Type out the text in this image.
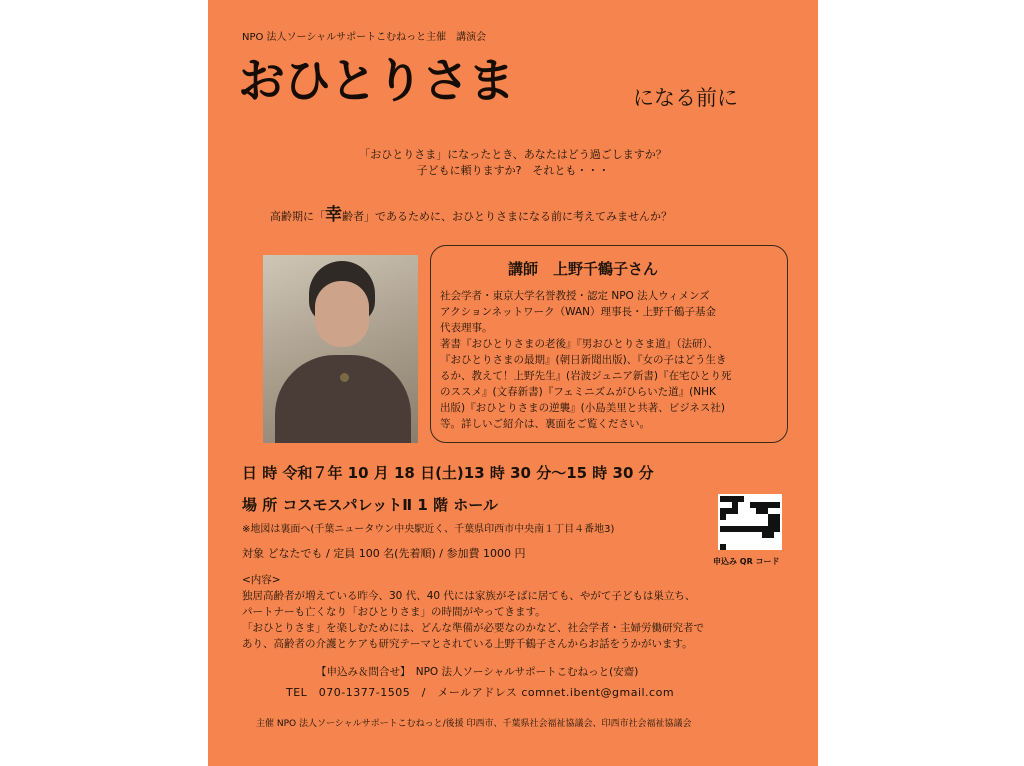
NPO 法人ソーシャルサポートこむねっと主催　講演会
おひとりさま	になる前に
「おひとりさま」になったとき、あなたはどう過ごしますか？
子どもに頼りますか?　それとも・・・
高齢期に「幸齢者」であるために、おひとりさまになる前に考えてみませんか？
講師　上野千鶴子さん
社会学者・東京大学名誉教授・認定 NPO 法人ウィメンズ
アクションネットワーク（WAN）理事長・上野千鶴子基金
代表理事。
著書『おひとりさまの老後』『男おひとりさま道』（法研）、
『おひとりさまの最期』(朝日新聞出版)、『女の子はどう生き
るか、教えて！上野先生』(岩波ジュニア新書)『在宅ひとり死
のススメ』(文春新書)『フェミニズムがひらいた道』(NHK
出版)『おひとりさまの逆襲』(小島美里と共著、ビジネス社)
等。詳しいご紹介は、裏面をご覧ください。
日 時 令和７年 10 月 18 日(土)13 時 30 分〜15 時 30 分
場 所 コスモスパレットⅡ 1 階 ホール
※地図は裏面へ(千葉ニュータウン中央駅近く、千葉県印西市中央南１丁目４番地3)
対象 どなたでも / 定員 100 名(先着順) / 参加費 1000 円
申込み QR コード
<内容>
独居高齢者が増えている昨今、30 代、40 代には家族がそばに居ても、やがて子どもは巣立ち、
パートナーも亡くなり「おひとりさま」の時間がやってきます。
「おひとりさま」を楽しむためには、どんな準備が必要なのかなど、社会学者・主婦労働研究者で
あり、高齢者の介護とケアも研究テーマとされている上野千鶴子さんからお話をうかがいます。
【申込み＆問合せ】　NPO 法人ソーシャルサポートこむねっと(安齋)
TEL　070-1377-1505　/　メールアドレス comnet.ibent@gmail.com
主催 NPO 法人ソーシャルサポートこむねっと/後援 印西市、千葉県社会福祉協議会、印西市社会福祉協議会
